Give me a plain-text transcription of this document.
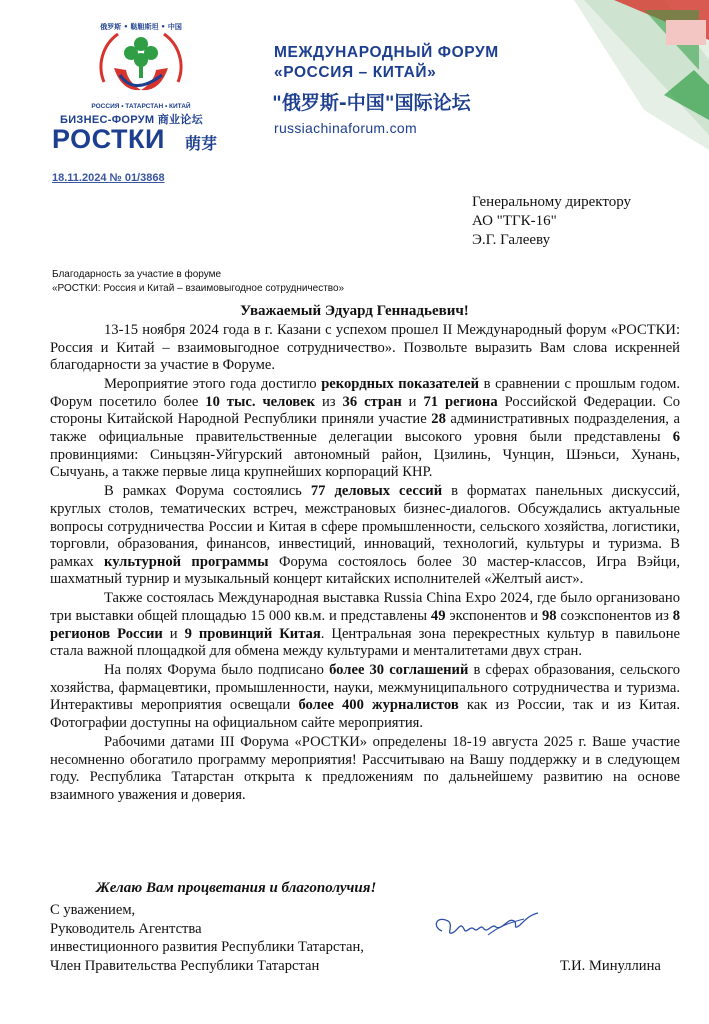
俄罗斯 • 鞑靼斯坦 • 中国
РОССИЯ • ТАТАРСТАН • КИТАЙ
БИЗНЕС-ФОРУМ 商业论坛
РОСТКИ 萌芽
МЕЖДУНАРОДНЫЙ ФОРУМ
«РОССИЯ – КИТАЙ»
"俄罗斯-中国"国际论坛
russiachinaforum.com
18.11.2024 № 01/3868
Генеральному директору
АО "ТГК-16"
Э.Г. Галееву
Благодарность за участие в форуме
«РОСТКИ: Россия и Китай – взаимовыгодное сотрудничество»
Уважаемый Эдуард Геннадьевич!

13-15 ноября 2024 года в г. Казани с успехом прошел II Международный форум «РОСТКИ: Россия и Китай – взаимовыгодное сотрудничество». Позвольте выразить Вам слова искренней благодарности за участие в Форуме.

Мероприятие этого года достигло рекордных показателей в сравнении с прошлым годом. Форум посетило более 10 тыс. человек из 36 стран и 71 региона Российской Федерации. Со стороны Китайской Народной Республики приняли участие 28 административных подразделения, а также официальные правительственные делегации высокого уровня были представлены 6 провинциями: Синьцзян-Уйгурский автономный район, Цзилинь, Чунцин, Шэньси, Хунань, Сычуань, а также первые лица крупнейших корпораций КНР.

В рамках Форума состоялись 77 деловых сессий в форматах панельных дискуссий, круглых столов, тематических встреч, межстрановых бизнес-диалогов. Обсуждались актуальные вопросы сотрудничества России и Китая в сфере промышленности, сельского хозяйства, логистики, торговли, образования, финансов, инвестиций, инноваций, технологий, культуры и туризма. В рамках культурной программы Форума состоялось более 30 мастер-классов, Игра Вэйци, шахматный турнир и музыкальный концерт китайских исполнителей «Желтый аист».

Также состоялась Международная выставка Russia China Expo 2024, где было организовано три выставки общей площадью 15 000 кв.м. и представлены 49 экспонентов и 98 соэкспонентов из 8 регионов России и 9 провинций Китая. Центральная зона перекрестных культур в павильоне стала важной площадкой для обмена между культурами и менталитетами двух стран.

На полях Форума было подписано более 30 соглашений в сферах образования, сельского хозяйства, фармацевтики, промышленности, науки, межмуниципального сотрудничества и туризма. Интерактивы мероприятия освещали более 400 журналистов как из России, так и из Китая. Фотографии доступны на официальном сайте мероприятия.

Рабочими датами III Форума «РОСТКИ» определены 18-19 августа 2025 г. Ваше участие несомненно обогатило программу мероприятия! Рассчитываю на Вашу поддержку и в следующем году. Республика Татарстан открыта к предложениям по дальнейшему развитию на основе взаимного уважения и доверия.

Желаю Вам процветания и благополучия!
С уважением,
Руководитель Агентства
инвестиционного развития Республики Татарстан,
Член Правительства Республики Татарстан	Т.И. Минуллина
